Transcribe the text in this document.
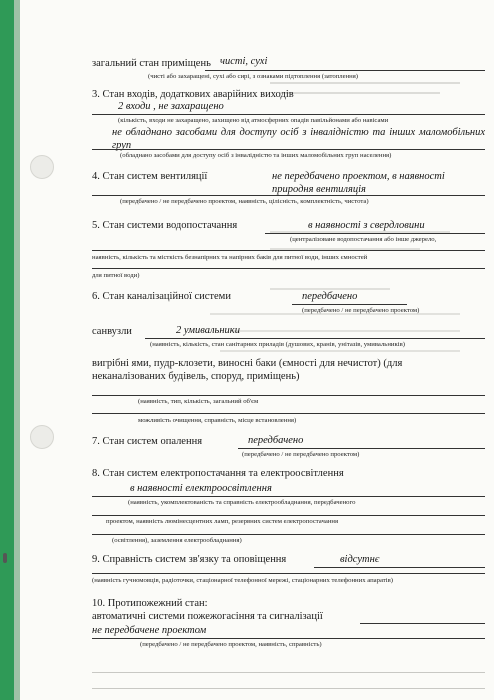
загальний стан приміщень чисті, сухі
(чисті або захаращені, сухі або сирі, з ознаками підтоплення (затоплення)
3. Стан входів, додаткових аварійних виходів
2 входи , не захаращено
(кількість, входи не захаращено, захищено від атмосферних опадів павільйонами або навісами
не обладнано засобами для доступу осіб з інвалідністю та інших маломобільних груп
(обладнано засобами для доступу осіб з інвалідністю та інших маломобільних груп населення)
4. Стан систем вентиляції	не передбачено проектом, в наявності природня вентиляція
(передбачено / не передбачено проектом, наявність, цілісність, комплектність, чистота)
5. Стан системи водопостачання	в наявності з свердловини
(централізоване водопостачання або інше джерело,
наявність, кількість та місткість безнапірних та напірних баків для питної води, інших ємностей
для питної води)
6. Стан каналізаційної системи	передбачено
(передбачено / не передбачено проектом)
санвузли	2 умивальники
(наявність, кількість, стан санітарних приладів (душових, кранів, унітазів, умивальників)
вигрібні ями, пудр-клозети, виносні баки (ємності для нечистот) (для
неканалізованих будівель, споруд, приміщень)
(наявність, тип, кількість, загальний об'єм
можливість очищення, справність, місце встановлення)
7. Стан систем опалення	передбачено
(передбачено / не передбачено проектом)
8. Стан систем електропостачання та електроосвітлення
в наявності електроосвітлення
(наявність, укомплектованість та справність електрообладнання, передбаченого
проектом, наявність люмінесцентних ламп, резервних систем електропостачання
(освітлення), заземлення електрообладнання)
9. Справність систем зв'язку та оповіщення	відсутнє
(наявність гучномовців, радіоточки, стаціонарної телефонної мережі, стаціонарних телефонних апаратів)
10. Протипожежний стан:
автоматичні системи пожежогасіння та сигналізації
не передбачене проектом
(передбачено / не передбачено проектом, наявність, справність)
